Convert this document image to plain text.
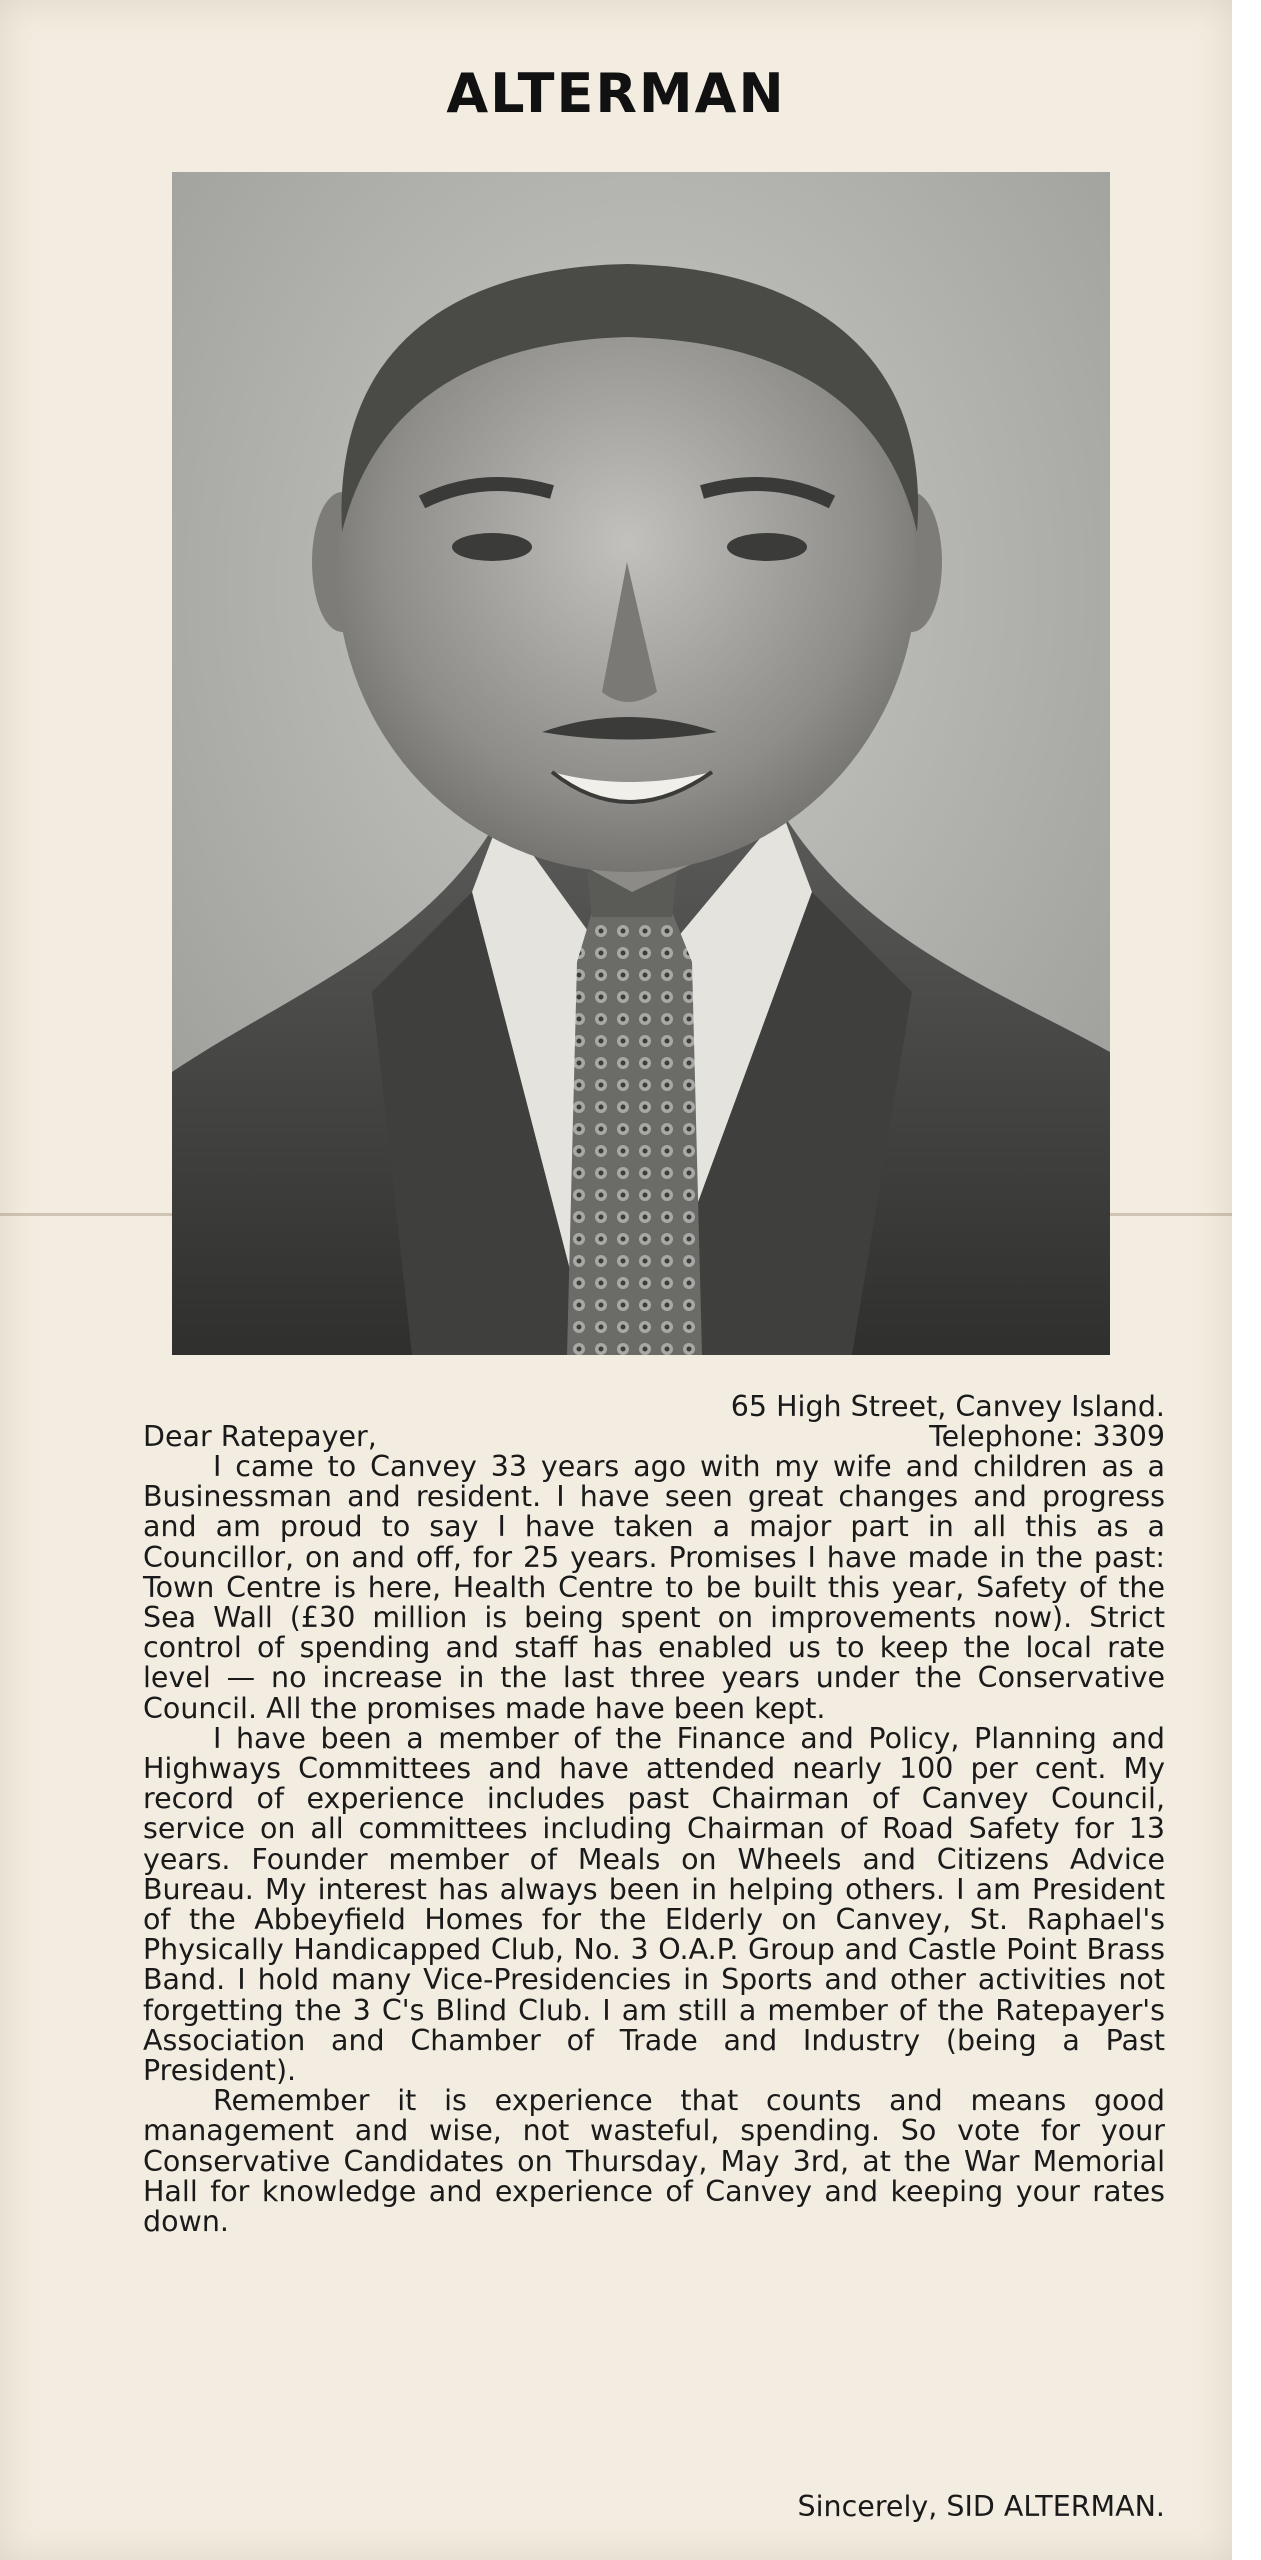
ALTERMAN
65 High Street, Canvey Island.
Telephone: 3309
Dear Ratepayer,

I came to Canvey 33 years ago with my wife and children as a Businessman and resident. I have seen great changes and progress and am proud to say I have taken a major part in all this as a Councillor, on and off, for 25 years. Promises I have made in the past: Town Centre is here, Health Centre to be built this year, Safety of the Sea Wall (£30 million is being spent on improvements now). Strict control of spending and staff has enabled us to keep the local rate level — no increase in the last three years under the Conservative Council. All the promises made have been kept.

I have been a member of the Finance and Policy, Planning and Highways Committees and have attended nearly 100 per cent. My record of experience includes past Chairman of Canvey Council, service on all committees including Chairman of Road Safety for 13 years. Founder member of Meals on Wheels and Citizens Advice Bureau. My interest has always been in helping others. I am President of the Abbeyfield Homes for the Elderly on Canvey, St. Raphael's Physically Handicapped Club, No. 3 O.A.P. Group and Castle Point Brass Band. I hold many Vice-Presidencies in Sports and other activities not forgetting the 3 C's Blind Club. I am still a member of the Ratepayer's Association and Chamber of Trade and Industry (being a Past President).

Remember it is experience that counts and means good management and wise, not wasteful, spending. So vote for your Conservative Candidates on Thursday, May 3rd, at the War Memorial Hall for knowledge and experience of Canvey and keeping your rates down.

Sincerely, SID ALTERMAN.
